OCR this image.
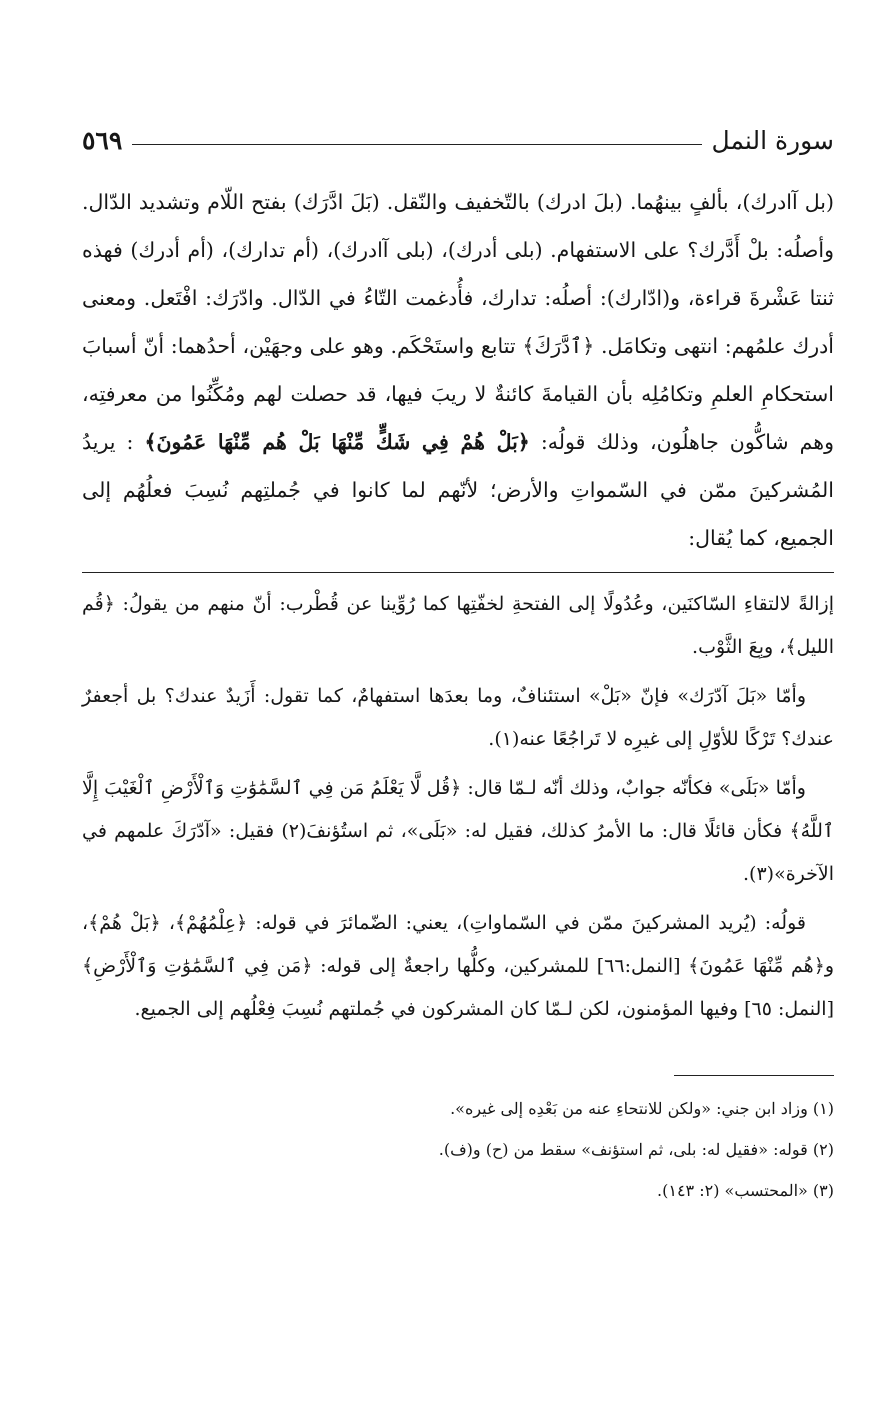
سورة النمل
٥٦٩

(بل آادرك)، بألفٍ بينهُما. (بلَ ادرك) بالتّخفيف والنّقل. (بَلَ ادَّرَك) بفتح اللّام وتشديد الدّال. وأصلُه: بلْ أَدَّرك؟ على الاستفهام. (بلى أدرك)، (بلى آادرك)، (أم تدارك)، (أم أدرك) فهذه ثنتا عَشْرةَ قراءة، و(ادّارك): أصلُه: تدارك، فأُدغمت التّاءُ في الدّال. وادّرَك: افْتَعل. ومعنى أدرك علمُهم: انتهى وتكامَل. ﴿ٱدَّرَكَ﴾ تتابع واستَحْكَم. وهو على وجهَيْن، أحدُهما: أنّ أسبابَ استحكامِ العلمِ وتكامُلِه بأن القيامةَ كائنةٌ لا ريبَ فيها، قد حصلت لهم ومُكِّنُوا من معرفتِه، وهم شاكُّون جاهلُون، وذلك قولُه: ﴿بَلْ هُمْ فِي شَكٍّ مِّنْهَا بَلْ هُم مِّنْهَا عَمُونَ﴾ : يريدُ المُشركينَ ممّن في السّمواتِ والأرض؛ لأنّهم لما كانوا في جُملتِهم نُسِبَ فعلُهُم إلى الجميع، كما يُقال:

إزالةً لالتقاءِ السّاكنَين، وعُدُولًا إلى الفتحةِ لخفّتِها كما رُوِّينا عن قُطْرب: أنّ منهم من يقولُ: ﴿قُم الليل﴾، وبِعَ الثَّوْب.

وأمّا «بَلَ آدّرَك» فإنّ «بَلْ» استئنافٌ، وما بعدَها استفهامٌ، كما تقول: أَزَيدٌ عندك؟ بل أجعفرٌ عندك؟ تَرْكًا للأوّلِ إلى غيرِه لا تَراجُعًا عنه(١).

وأمّا «بَلَى» فكأنّه جوابٌ، وذلك أنّه لـمّا قال: ﴿قُل لَّا يَعْلَمُ مَن فِي ٱلسَّمَٰوَٰتِ وَٱلْأَرْضِ ٱلْغَيْبَ إِلَّا ٱللَّهُ﴾ فكأن قائلًا قال: ما الأمرُ كذلك، فقيل له: «بَلَى»، ثم استُؤنفَ(٢) فقيل: «آدّرَكَ علمهم في الآخرة»(٣).

قولُه: (يُريد المشركينَ ممّن في السّماواتِ)، يعني: الضّمائرَ في قوله: ﴿عِلْمُهُمْ﴾، ﴿بَلْ هُمْ﴾، و﴿هُم مِّنْهَا عَمُونَ﴾ [النمل:٦٦] للمشركين، وكلُّها راجعةٌ إلى قوله: ﴿مَن فِي ٱلسَّمَٰوَٰتِ وَٱلْأَرْضِ﴾ [النمل: ٦٥] وفيها المؤمنون، لكن لـمّا كان المشركون في جُملتهم نُسِبَ فِعْلُهم إلى الجميع.

(١) وزاد ابن جني: «ولكن للانتحاءِ عنه من بَعْدِه إلى غيره».

(٢) قوله: «فقيل له: بلى، ثم استؤنف» سقط من (ح) و(ف).

(٣) «المحتسب» (٢: ١٤٣).
